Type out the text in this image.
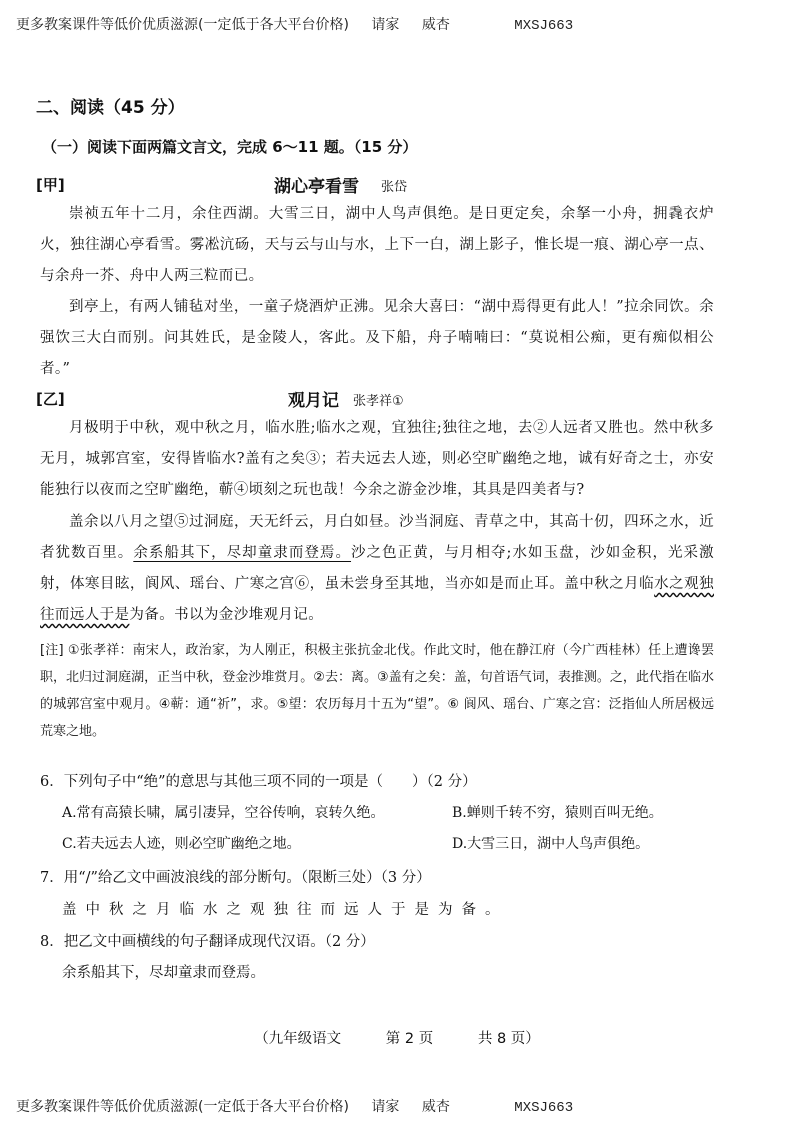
更多教案课件等低价优质滋源(一定低于各大平台价格) 请家 威杏	MXSJ663
二、阅读（45 分）
（一）阅读下面两篇文言文，完成 6～11 题。（15 分）
[甲]	湖心亭看雪 张岱
崇祯五年十二月，余住西湖。大雪三日，湖中人鸟声俱绝。是日更定矣，余拏一小舟，拥毳衣炉火，独往湖心亭看雪。雾凇沆砀，天与云与山与水，上下一白，湖上影子，惟长堤一痕、湖心亭一点、与余舟一芥、舟中人两三粒而已。
到亭上，有两人铺毡对坐，一童子烧酒炉正沸。见余大喜曰：“湖中焉得更有此人！”拉余同饮。余强饮三大白而别。问其姓氏，是金陵人，客此。及下船，舟子喃喃曰：“莫说相公痴，更有痴似相公者。”
[乙]	观月记 张孝祥①
月极明于中秋，观中秋之月，临水胜;临水之观，宜独往;独往之地，去②人远者又胜也。然中秋多无月，城郭宫室，安得皆临水?盖有之矣③；若夫远去人迹，则必空旷幽绝之地，诚有好奇之士，亦安能独行以夜而之空旷幽绝，蕲④顷刻之玩也哉！今余之游金沙堆，其具是四美者与?
盖余以八月之望⑤过洞庭，天无纤云，月白如昼。沙当洞庭、青草之中，其高十仞，四环之水，近者犹数百里。余系船其下，尽却童隶而登焉。沙之色正黄，与月相夺;水如玉盘，沙如金积，光采激射，体寒目眩，阆风、瑶台、广寒之宫⑥，虽未尝身至其地，当亦如是而止耳。盖中秋之月临水之观独往而远人于是为备。书以为金沙堆观月记。
[注] ①张孝祥：南宋人，政治家，为人刚正，积极主张抗金北伐。作此文时，他在静江府（今广西桂林）任上遭谗罢职，北归过洞庭湖，正当中秋，登金沙堆赏月。②去：离。③盖有之矣：盖，句首语气词，表推测。之，此代指在临水的城郭宫室中观月。④蕲：通“祈”，求。⑤望：农历每月十五为“望”。⑥ 阆风、瑶台、广寒之宫：泛指仙人所居极远荒寒之地。
6．下列句子中“绝”的意思与其他三项不同的一项是（　　）（2 分）
A.常有高猿长啸，属引凄异，空谷传响，哀转久绝。	B.蝉则千转不穷，猿则百叫无绝。
C.若夫远去人迹，则必空旷幽绝之地。	D.大雪三日，湖中人鸟声俱绝。
7．用“/”给乙文中画波浪线的部分断句。（限断三处）（3 分）
盖中秋之月临水之观独往而远人于是为备。
8．把乙文中画横线的句子翻译成现代汉语。（2 分）
余系船其下，尽却童隶而登焉。
（九年级语文	第 2 页	共 8 页）
更多教案课件等低价优质滋源(一定低于各大平台价格) 请家 威杏	MXSJ663
